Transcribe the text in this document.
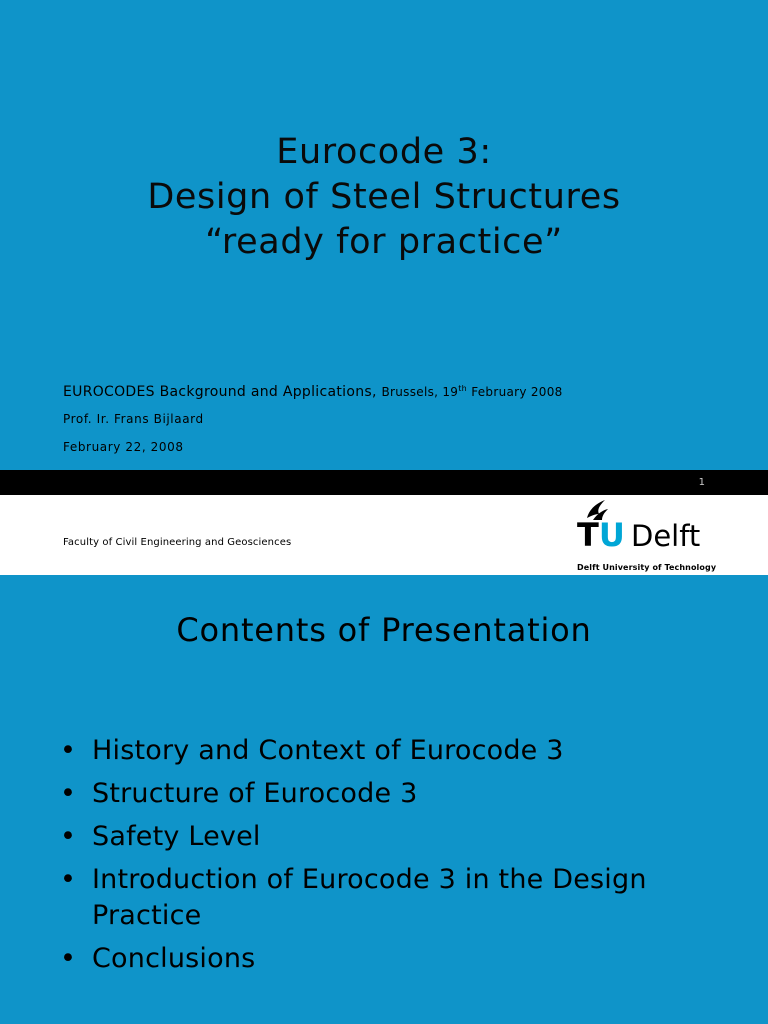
Eurocode 3:
Design of Steel Structures
“ready for practice”
EUROCODES Background and Applications, Brussels, 19th February 2008
Prof. Ir. Frans Bijlaard
February 22, 2008
1
Faculty of Civil Engineering and Geosciences	TU Delft
Delft University of Technology
Contents of Presentation
• History and Context of Eurocode 3
• Structure of Eurocode 3
• Safety Level
• Introduction of Eurocode 3 in the Design Practice
• Conclusions
